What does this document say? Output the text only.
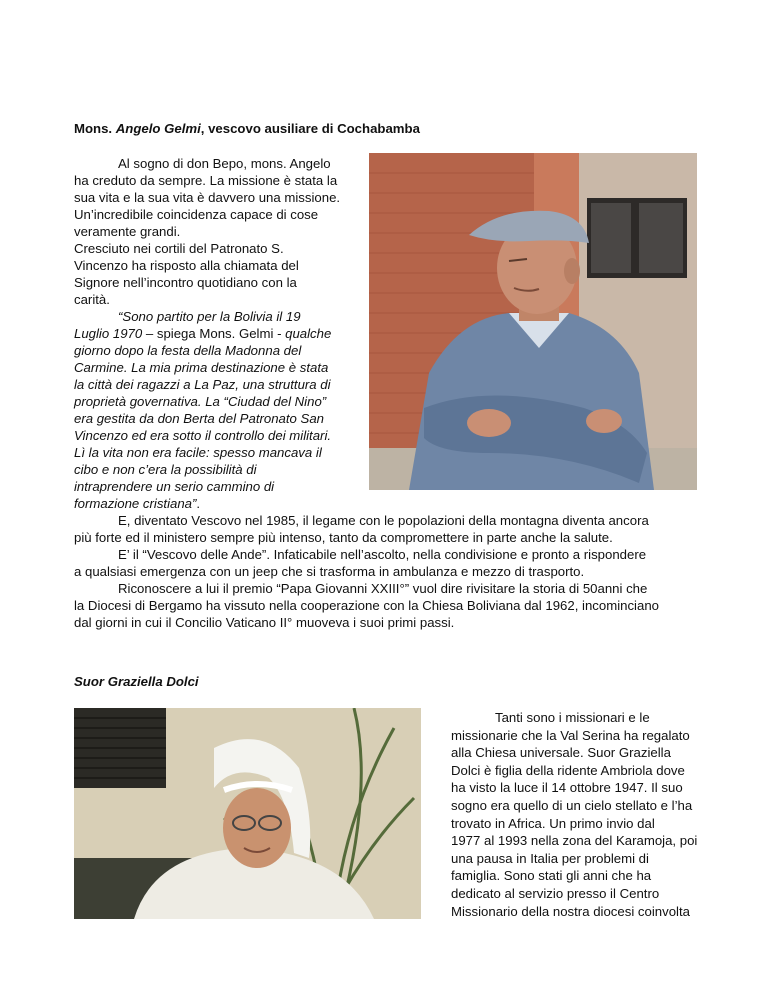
Mons. Angelo Gelmi, vescovo ausiliare di Cochabamba
Al sogno di don Bepo, mons. Angelo
ha creduto da sempre. La missione è stata la
sua vita e la sua vita è davvero una missione.
Un’incredibile coincidenza capace di cose
veramente grandi.
Cresciuto nei cortili del Patronato S.
Vincenzo ha risposto alla chiamata del
Signore nell’incontro quotidiano con la
carità.
“Sono partito per la Bolivia il 19
Luglio 1970 – spiega Mons. Gelmi - qualche
giorno dopo la festa della Madonna del
Carmine. La mia prima destinazione è stata
la città dei ragazzi a La Paz, una struttura di
proprietà governativa. La “Ciudad del Nino”
era gestita da don Berta del Patronato San
Vincenzo ed era sotto il controllo dei militari.
Lì la vita non era facile: spesso mancava il
cibo e non c’era la possibilità di
intraprendere un serio cammino di
formazione cristiana”.
E, diventato Vescovo nel 1985, il legame con le popolazioni della montagna diventa ancora
più forte ed il ministero sempre più intenso, tanto da compromettere in parte anche la salute.
E’ il “Vescovo delle Ande”. Infaticabile nell’ascolto, nella condivisione e pronto a rispondere
a qualsiasi emergenza con un jeep che si trasforma in ambulanza e mezzo di trasporto.
Riconoscere a lui il premio “Papa Giovanni XXIII°” vuol dire rivisitare la storia di 50anni che
la Diocesi di Bergamo ha vissuto nella cooperazione con la Chiesa Boliviana dal 1962, incominciano
dal giorni in cui il Concilio Vaticano II° muoveva i suoi primi passi.
Suor Graziella Dolci
Tanti sono i missionari e le
missionarie che la Val Serina ha regalato
alla Chiesa universale. Suor Graziella
Dolci è figlia della ridente Ambriola dove
ha visto la luce il 14 ottobre 1947. Il suo
sogno era quello di un cielo stellato e l’ha
trovato in Africa. Un primo invio dal
1977 al 1993 nella zona del Karamoja, poi
una pausa in Italia per problemi di
famiglia. Sono stati gli anni che ha
dedicato al servizio presso il Centro
Missionario della nostra diocesi coinvolta
